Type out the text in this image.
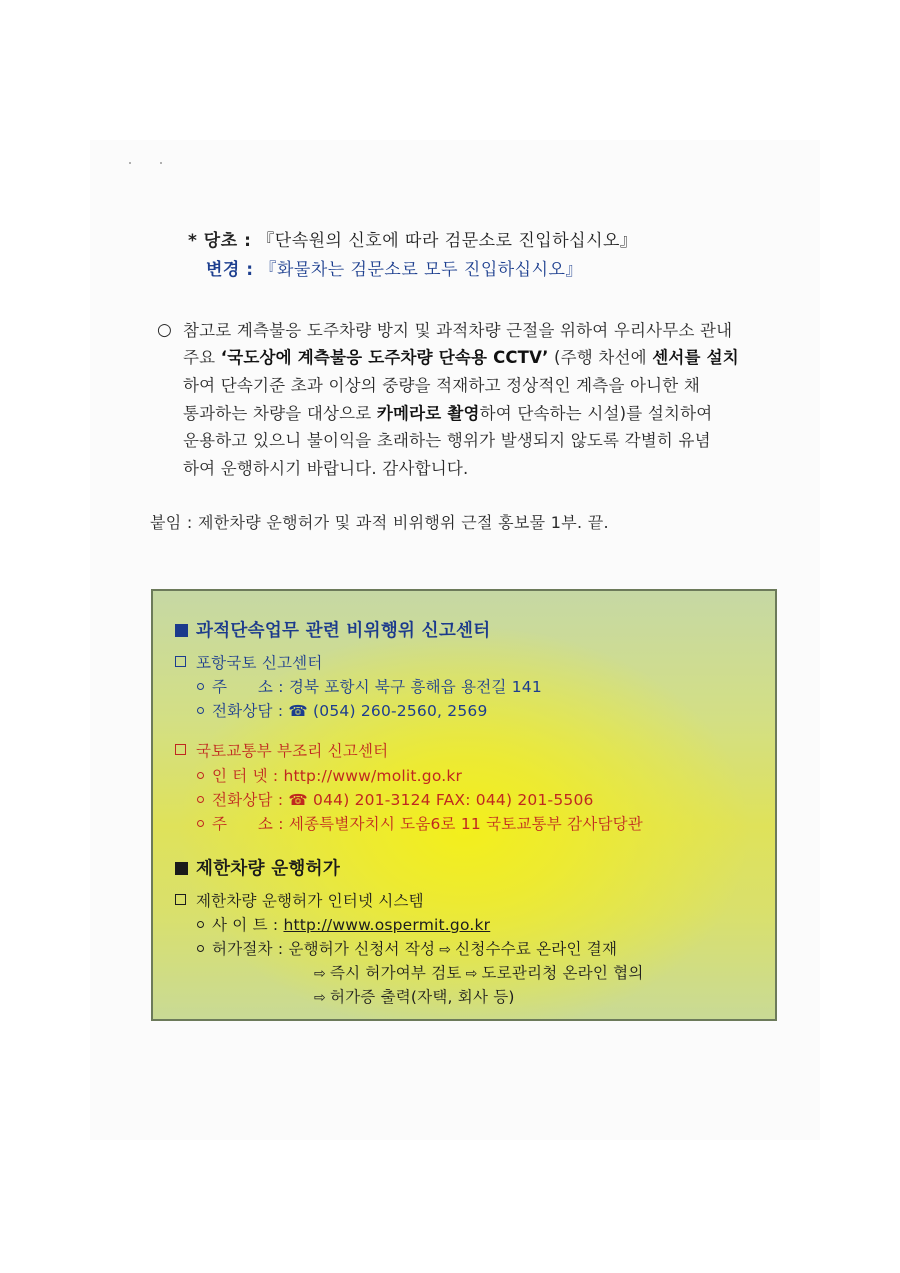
* 당초 : 『단속원의 신호에 따라 검문소로 진입하십시오』
변경 : 『화물차는 검문소로 모두 진입하십시오』
○ 참고로 계측불응 도주차량 방지 및 과적차량 근절을 위하여 우리사무소 관내
주요 ‘국도상에 계측불응 도주차량 단속용 CCTV’ (주행 차선에 센서를 설치
하여 단속기준 초과 이상의 중량을 적재하고 정상적인 계측을 아니한 채
통과하는 차량을 대상으로 카메라로 촬영하여 단속하는 시설)를 설치하여
운용하고 있으니 불이익을 초래하는 행위가 발생되지 않도록 각별히 유념
하여 운행하시기 바랍니다. 감사합니다.
붙임 : 제한차량 운행허가 및 과적 비위행위 근절 홍보물 1부. 끝.
과적단속업무 관련 비위행위 신고센터
포항국토 신고센터
주      소 : 경북 포항시 북구 흥해읍 용전길 141
전화상담 : ☎ (054) 260-2560, 2569
국토교통부 부조리 신고센터
인 터 넷 : http://www/molit.go.kr
전화상담 : ☎ 044) 201-3124 FAX: 044) 201-5506
주      소 : 세종특별자치시 도움6로 11 국토교통부 감사담당관
제한차량 운행허가
제한차량 운행허가 인터넷 시스템
사 이 트 : http://www.ospermit.go.kr
허가절차 : 운행허가 신청서 작성 ⇨ 신청수수료 온라인 결재
⇨ 즉시 허가여부 검토 ⇨ 도로관리청 온라인 협의
⇨ 허가증 출력(자택, 회사 등)
